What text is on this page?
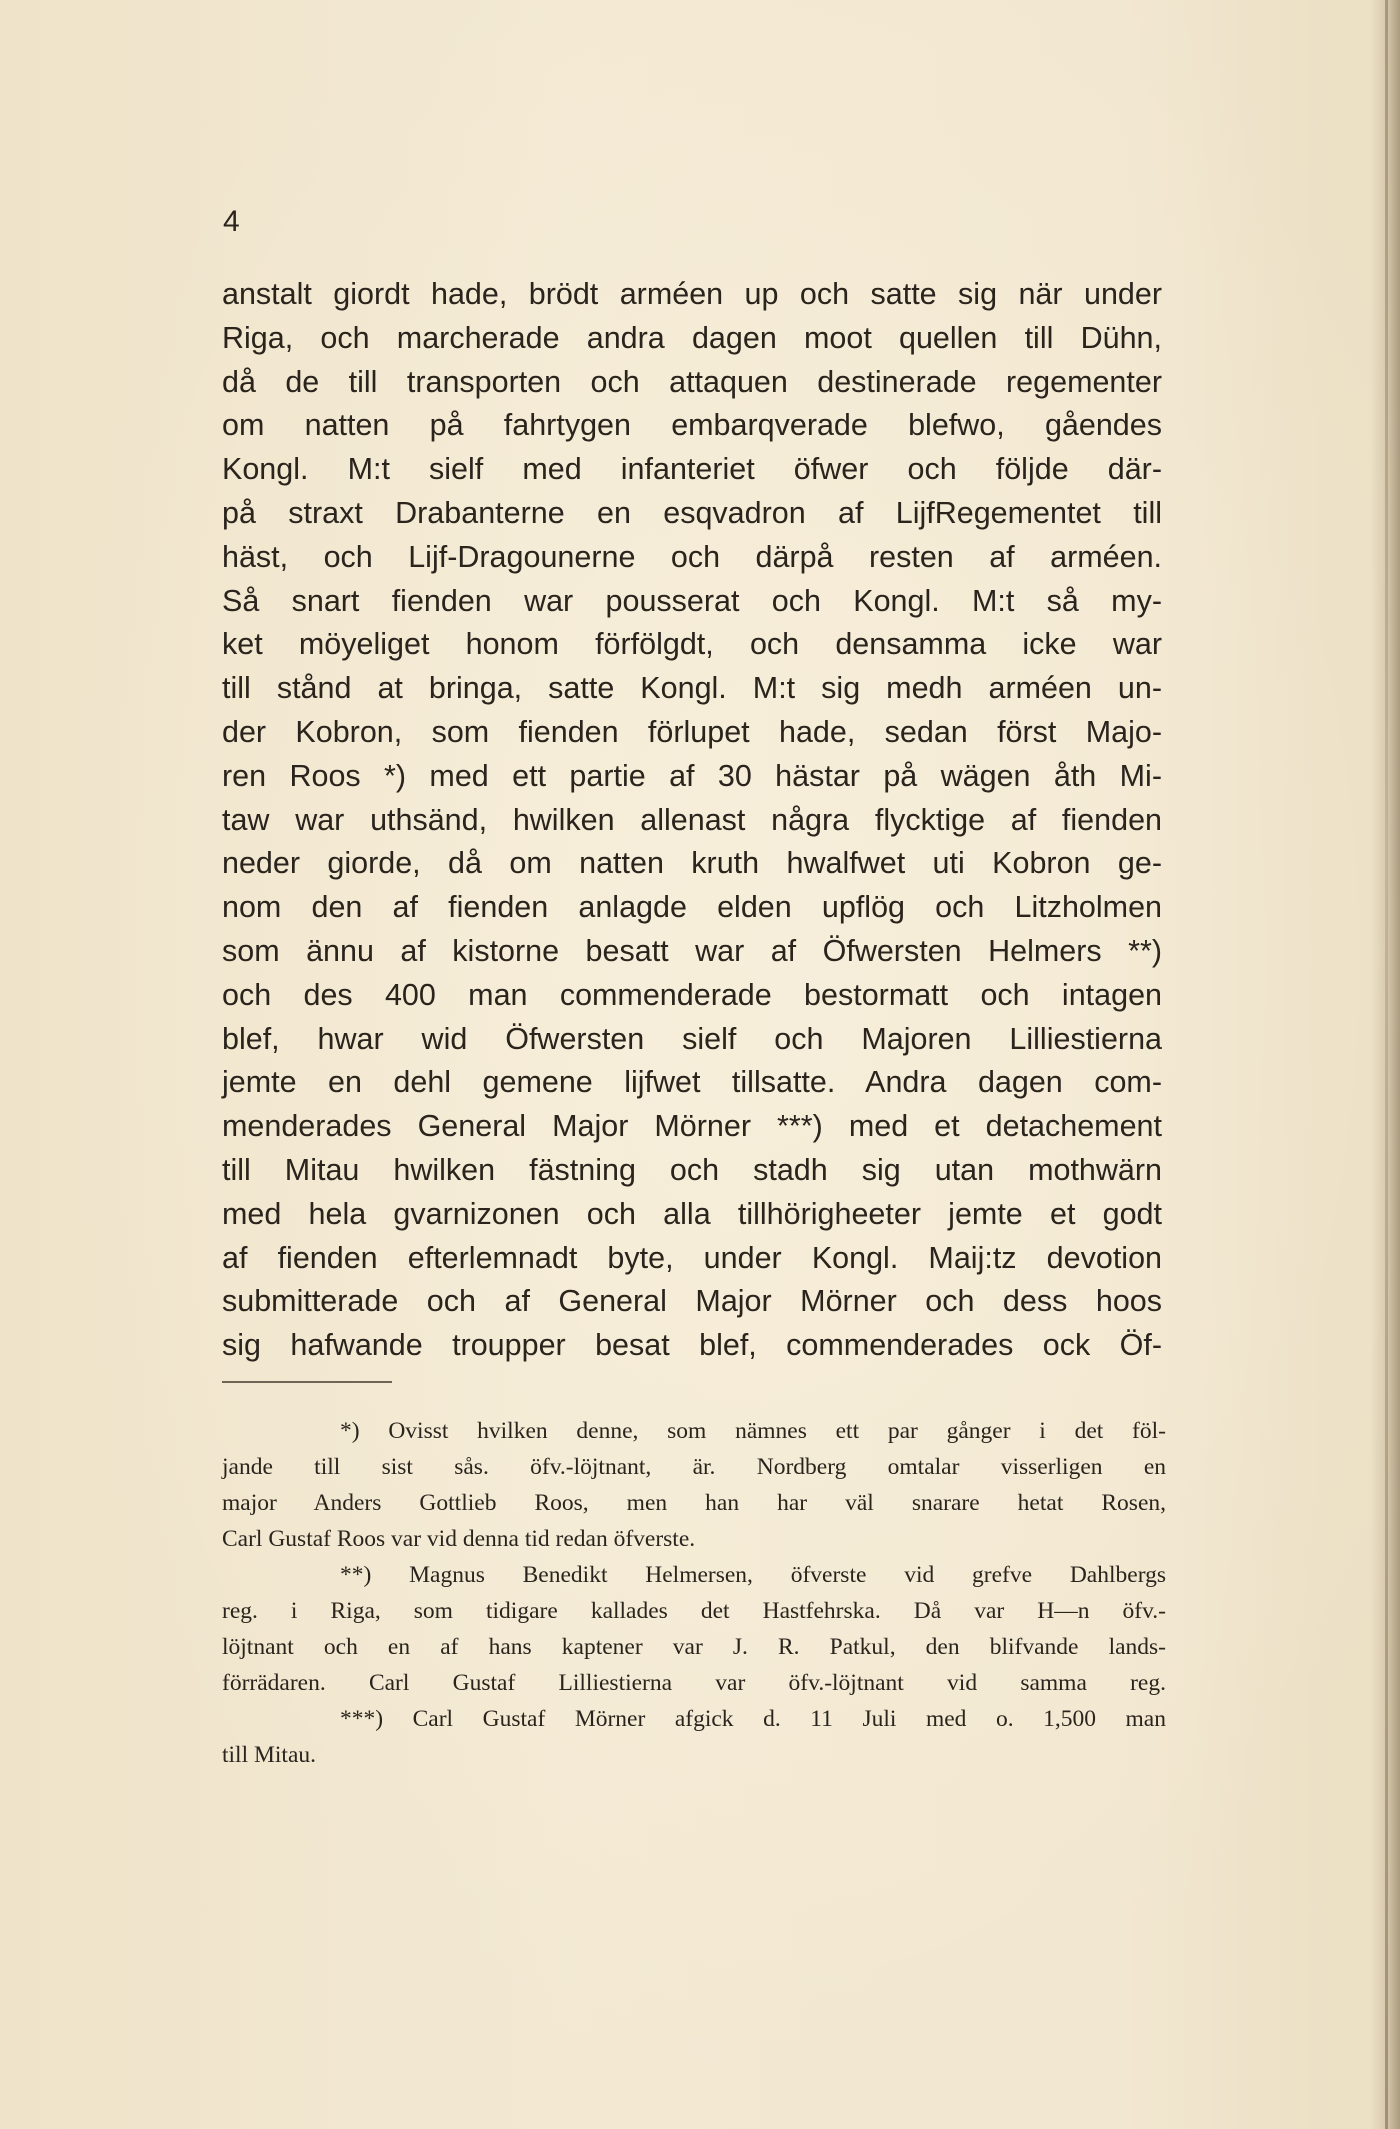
4
anstalt giordt hade, brödt arméen up och satte sig när under
Riga, och marcherade andra dagen moot quellen till Dühn,
då de till transporten och attaquen destinerade regementer
om natten på fahrtygen embarqverade blefwo, gåendes
Kongl. M:t sielf med infanteriet öfwer och följde där-
på straxt Drabanterne en esqvadron af LijfRegementet till
häst, och Lijf-Dragounerne och därpå resten af arméen.
Så snart fienden war pousserat och Kongl. M:t så my-
ket möyeliget honom förfölgdt, och densamma icke war
till stånd at bringa, satte Kongl. M:t sig medh arméen un-
der Kobron, som fienden förlupet hade, sedan först Majo-
ren Roos *) med ett partie af 30 hästar på wägen åth Mi-
taw war uthsänd, hwilken allenast några flycktige af fienden
neder giorde, då om natten kruth hwalfwet uti Kobron ge-
nom den af fienden anlagde elden upflög och Litzholmen
som ännu af kistorne besatt war af Öfwersten Helmers **)
och des 400 man commenderade bestormatt och intagen
blef, hwar wid Öfwersten sielf och Majoren Lilliestierna
jemte en dehl gemene lijfwet tillsatte. Andra dagen com-
menderades General Major Mörner ***) med et detachement
till Mitau hwilken fästning och stadh sig utan mothwärn
med hela gvarnizonen och alla tillhörigheeter jemte et godt
af fienden efterlemnadt byte, under Kongl. Maij:tz devotion
submitterade och af General Major Mörner och dess hoos
sig hafwande troupper besat blef, commenderades ock Öf-
*) Ovisst hvilken denne, som nämnes ett par gånger i det föl-
jande till sist sås. öfv.-löjtnant, är. Nordberg omtalar visserligen en
major Anders Gottlieb Roos, men han har väl snarare hetat Rosen,
Carl Gustaf Roos var vid denna tid redan öfverste.
**) Magnus Benedikt Helmersen, öfverste vid grefve Dahlbergs
reg. i Riga, som tidigare kallades det Hastfehrska. Då var H—n öfv.-
löjtnant och en af hans kaptener var J. R. Patkul, den blifvande lands-
förrädaren. Carl Gustaf Lilliestierna var öfv.-löjtnant vid samma reg.
***) Carl Gustaf Mörner afgick d. 11 Juli med o. 1,500 man
till Mitau.
